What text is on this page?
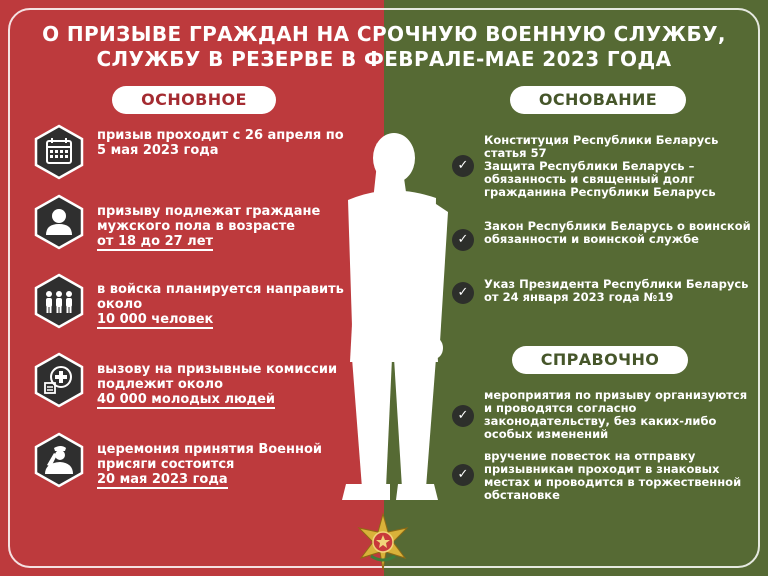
О ПРИЗЫВЕ ГРАЖДАН НА СРОЧНУЮ ВОЕННУЮ СЛУЖБУ,
СЛУЖБУ В РЕЗЕРВЕ В ФЕВРАЛЕ-МАЕ 2023 ГОДА
ОСНОВНОЕ
призыв проходит с 26 апреля по 5 мая 2023 года
призыву подлежат граждане мужского пола в возрасте
от 18 до 27 лет
в войска планируется направить около
10 000 человек
вызову на призывные комиссии подлежит около
40 000 молодых людей
церемония принятия Военной присяги состоится
20 мая 2023 года
ОСНОВАНИЕ
✓
Конституция Республики Беларусь статья 57
Защита Республики Беларусь – обязанность и священный долг гражданина Республики Беларусь
✓
Закон Республики Беларусь о воинской обязанности и воинской службе
✓
Указ Президента Республики Беларусь от 24 января 2023 года №19
СПРАВОЧНО
✓
мероприятия по призыву организуются и проводятся согласно законодательству, без каких-либо особых изменений
✓
вручение повесток на отправку призывникам проходит в знаковых местах и проводится в торжественной обстановке
